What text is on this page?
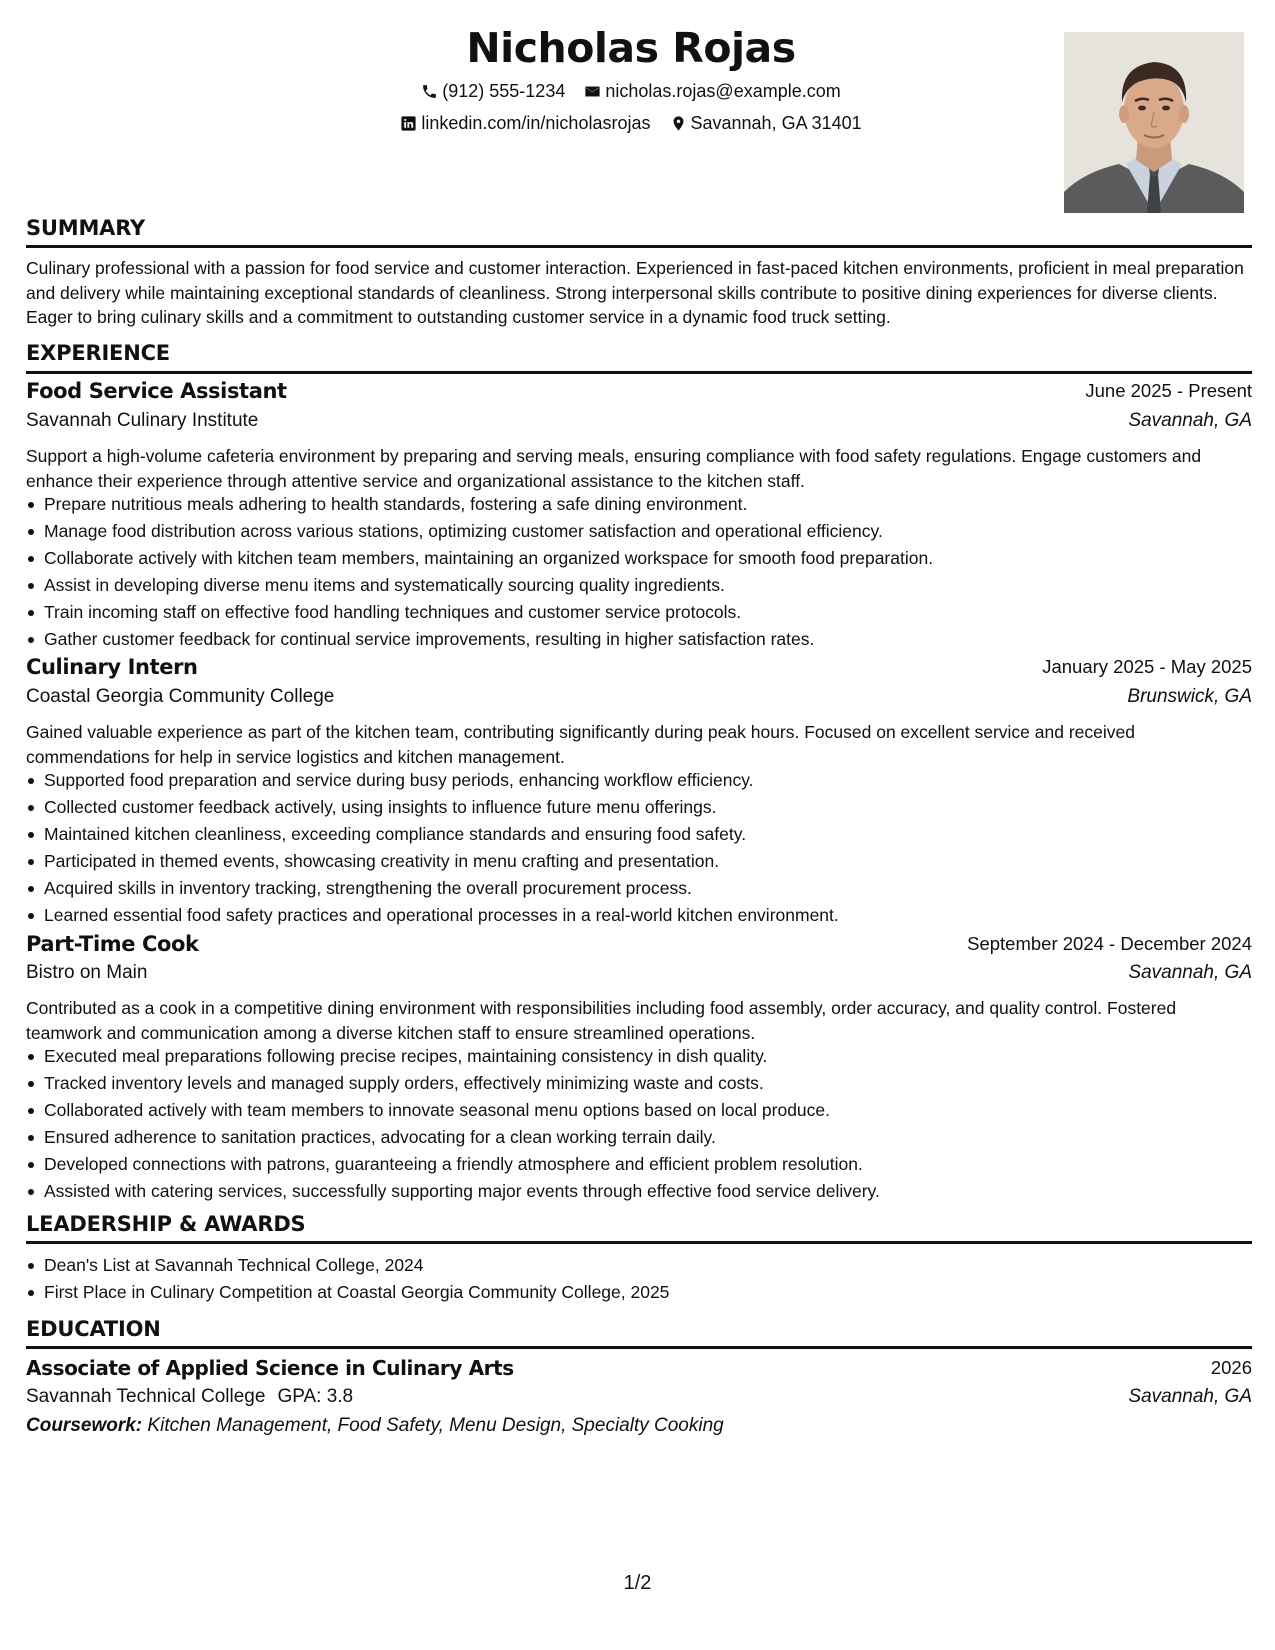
Nicholas Rojas
(912) 555-1234
nicholas.rojas@example.com
linkedin.com/in/nicholasrojas
Savannah, GA 31401
SUMMARY
Culinary professional with a passion for food service and customer interaction. Experienced in fast-paced kitchen environments, proficient in meal preparation and delivery while maintaining exceptional standards of cleanliness. Strong interpersonal skills contribute to positive dining experiences for diverse clients. Eager to bring culinary skills and a commitment to outstanding customer service in a dynamic food truck setting.
EXPERIENCE
Food Service Assistant	June 2025 - Present
Savannah Culinary Institute	Savannah, GA
Support a high-volume cafeteria environment by preparing and serving meals, ensuring compliance with food safety regulations. Engage customers and enhance their experience through attentive service and organizational assistance to the kitchen staff.
Prepare nutritious meals adhering to health standards, fostering a safe dining environment.
Manage food distribution across various stations, optimizing customer satisfaction and operational efficiency.
Collaborate actively with kitchen team members, maintaining an organized workspace for smooth food preparation.
Assist in developing diverse menu items and systematically sourcing quality ingredients.
Train incoming staff on effective food handling techniques and customer service protocols.
Gather customer feedback for continual service improvements, resulting in higher satisfaction rates.
Culinary Intern	January 2025 - May 2025
Coastal Georgia Community College	Brunswick, GA
Gained valuable experience as part of the kitchen team, contributing significantly during peak hours. Focused on excellent service and received commendations for help in service logistics and kitchen management.
Supported food preparation and service during busy periods, enhancing workflow efficiency.
Collected customer feedback actively, using insights to influence future menu offerings.
Maintained kitchen cleanliness, exceeding compliance standards and ensuring food safety.
Participated in themed events, showcasing creativity in menu crafting and presentation.
Acquired skills in inventory tracking, strengthening the overall procurement process.
Learned essential food safety practices and operational processes in a real-world kitchen environment.
Part-Time Cook	September 2024 - December 2024
Bistro on Main	Savannah, GA
Contributed as a cook in a competitive dining environment with responsibilities including food assembly, order accuracy, and quality control. Fostered teamwork and communication among a diverse kitchen staff to ensure streamlined operations.
Executed meal preparations following precise recipes, maintaining consistency in dish quality.
Tracked inventory levels and managed supply orders, effectively minimizing waste and costs.
Collaborated actively with team members to innovate seasonal menu options based on local produce.
Ensured adherence to sanitation practices, advocating for a clean working terrain daily.
Developed connections with patrons, guaranteeing a friendly atmosphere and efficient problem resolution.
Assisted with catering services, successfully supporting major events through effective food service delivery.
LEADERSHIP & AWARDS
Dean's List at Savannah Technical College, 2024
First Place in Culinary Competition at Coastal Georgia Community College, 2025
EDUCATION
Associate of Applied Science in Culinary Arts	2026
Savannah Technical College GPA: 3.8	Savannah, GA
Coursework: Kitchen Management, Food Safety, Menu Design, Specialty Cooking
1/2
